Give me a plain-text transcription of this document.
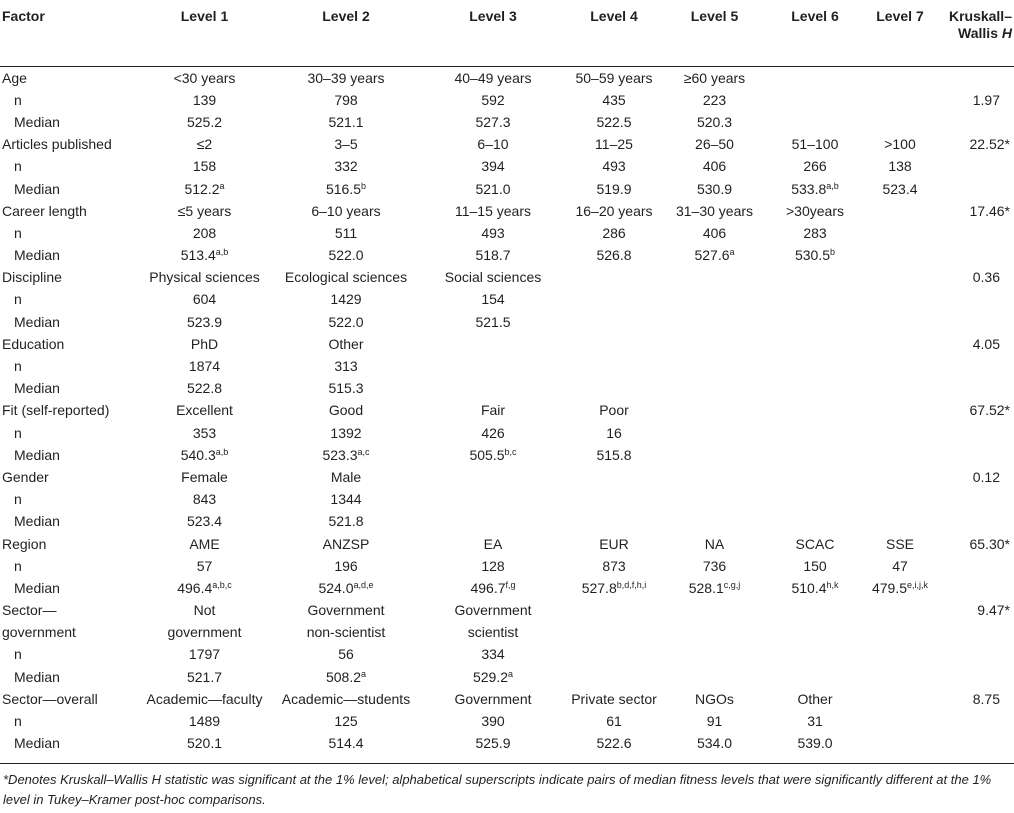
Factor	Level 1	Level 2	Level 3	Level 4	Level 5	Level 6	Level 7	Kruskall–
Wallis H
Age	<30 years	30–39 years	40–49 years	50–59 years	≥60 years			
n	139	798	592	435	223			1.97
Median	525.2	521.1	527.3	522.5	520.3			
Articles published	≤2	3–5	6–10	11–25	26–50	51–100	>100	22.52*
n	158	332	394	493	406	266	138	
Median	512.2$^a$	516.5$^b$	521.0	519.9	530.9	533.8$^{a,b}$	523.4	
Career length	≤5 years	6–10 years	11–15 years	16–20 years	31–30 years	>30years		17.46*
n	208	511	493	286	406	283		
Median	513.4$^{a,b}$	522.0	518.7	526.8	527.6$^a$	530.5$^b$		
Discipline	Physical sciences	Ecological sciences	Social sciences					0.36
n	604	1429	154					
Median	523.9	522.0	521.5					
Education	PhD	Other						4.05
n	1874	313						
Median	522.8	515.3						
Fit (self-reported)	Excellent	Good	Fair	Poor				67.52*
n	353	1392	426	16				
Median	540.3$^{a,b}$	523.3$^{a,c}$	505.5$^{b,c}$	515.8				
Gender	Female	Male						0.12
n	843	1344						
Median	523.4	521.8						
Region	AME	ANZSP	EA	EUR	NA	SCAC	SSE	65.30*
n	57	196	128	873	736	150	47	
Median	496.4$^{a,b,c}$	524.0$^{a,d,e}$	496.7$^{f,g}$	527.8$^{b,d,f,h,i}$	528.1$^{c,g,j}$	510.4$^{h,k}$	479.5$^{e,i,j,k}$	
Sector—	Not	Government	Government					9.47*
government	government	non-scientist	scientist					
n	1797	56	334					
Median	521.7	508.2$^a$	529.2$^a$					
Sector—overall	Academic—faculty	Academic—students	Government	Private sector	NGOs	Other		8.75
n	1489	125	390	61	91	31		
Median	520.1	514.4	525.9	522.6	534.0	539.0		
*Denotes Kruskall–Wallis H statistic was significant at the 1% level; alphabetical superscripts indicate pairs of median fitness levels that were significantly different at the 1% level in Tukey–Kramer post-hoc comparisons.
